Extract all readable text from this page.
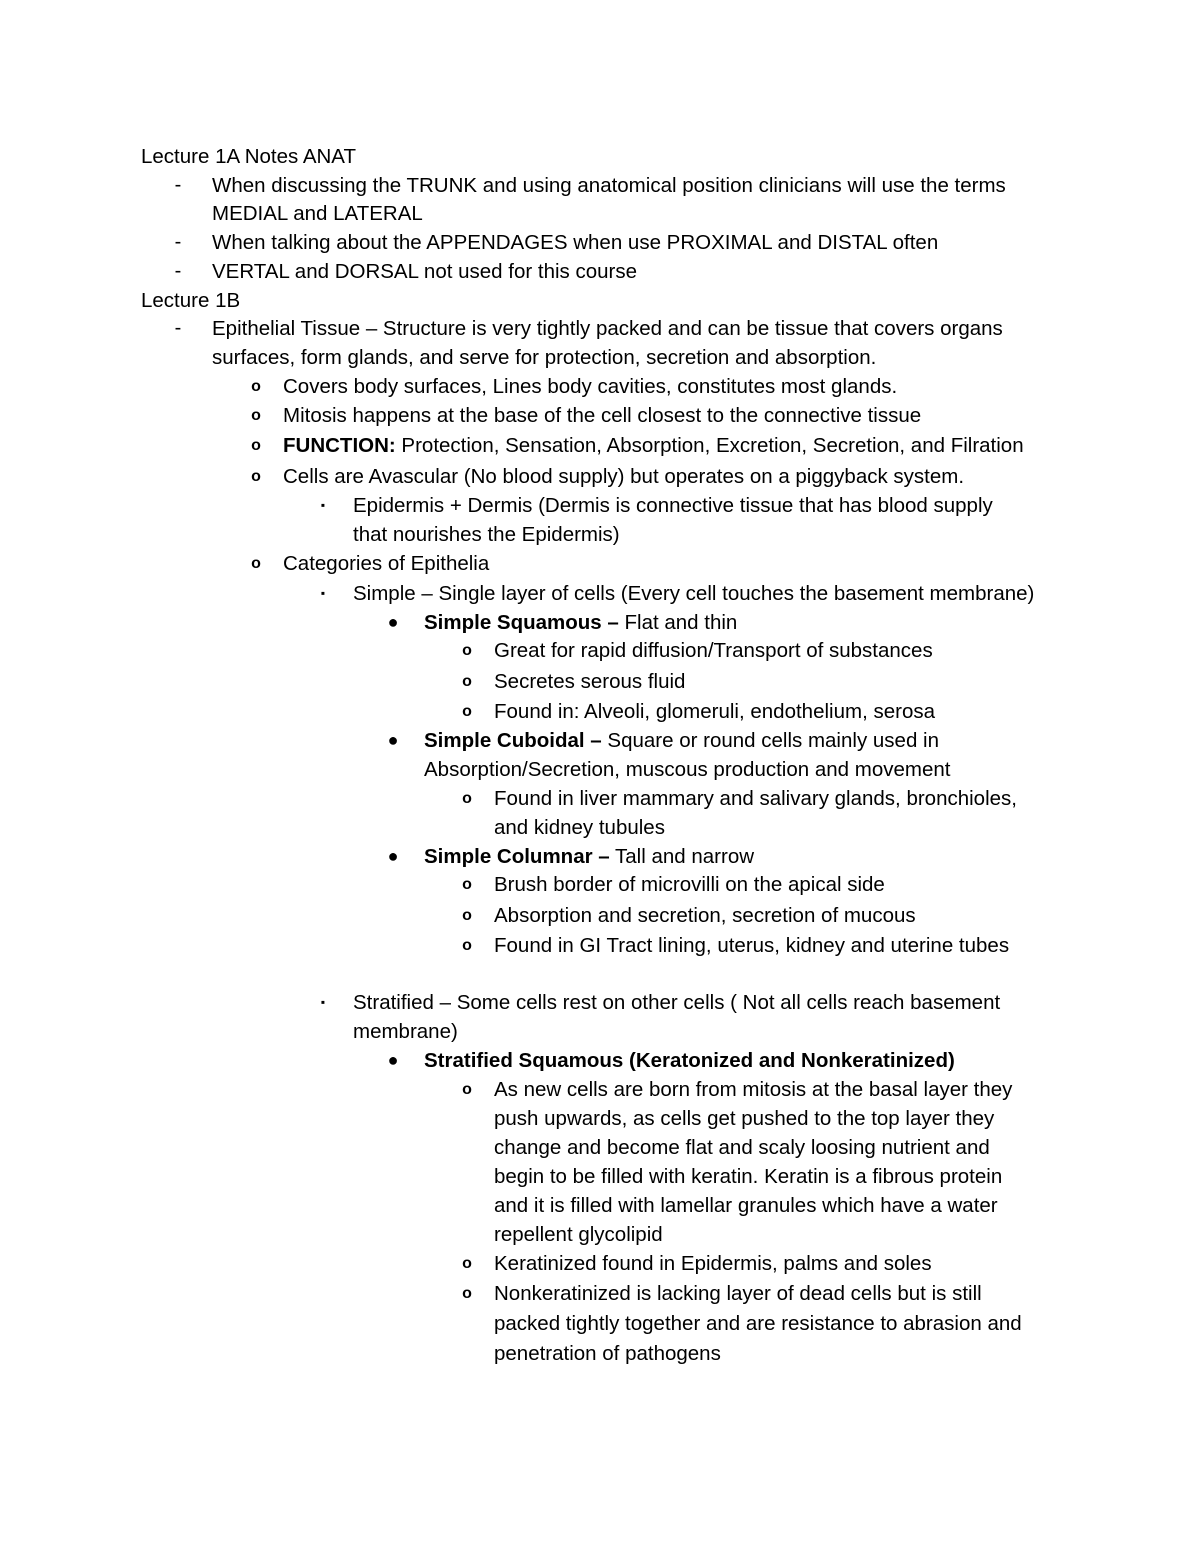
Lecture 1A Notes ANAT
-	When discussing the TRUNK and using anatomical position clinicians will use the terms
MEDIAL and LATERAL
-	When talking about the APPENDAGES when use PROXIMAL and DISTAL often
-	VERTAL and DORSAL not used for this course
Lecture 1B
-	Epithelial Tissue – Structure is very tightly packed and can be tissue that covers organs
surfaces, form glands, and serve for protection, secretion and absorption.
o Covers body surfaces, Lines body cavities, constitutes most glands.
o Mitosis happens at the base of the cell closest to the connective tissue
o FUNCTION: Protection, Sensation, Absorption, Excretion, Secretion, and Filration
o Cells are Avascular (No blood supply) but operates on a piggyback system.
▪	Epidermis + Dermis (Dermis is connective tissue that has blood supply
that nourishes the Epidermis)
o Categories of Epithelia
▪	Simple – Single layer of cells (Every cell touches the basement membrane)
● Simple Squamous – Flat and thin
o Great for rapid diffusion/Transport of substances
o Secretes serous fluid
o Found in: Alveoli, glomeruli, endothelium, serosa
● Simple Cuboidal – Square or round cells mainly used in
Absorption/Secretion, muscous production and movement
o Found in liver mammary and salivary glands, bronchioles,
and kidney tubules
● Simple Columnar – Tall and narrow
o Brush border of microvilli on the apical side
o Absorption and secretion, secretion of mucous
o Found in GI Tract lining, uterus, kidney and uterine tubes
▪	Stratified – Some cells rest on other cells ( Not all cells reach basement
membrane)
● Stratified Squamous (Keratonized and Nonkeratinized)
o As new cells are born from mitosis at the basal layer they
push upwards, as cells get pushed to the top layer they
change and become flat and scaly loosing nutrient and
begin to be filled with keratin. Keratin is a fibrous protein
and it is filled with lamellar granules which have a water
repellent glycolipid
o Keratinized found in Epidermis, palms and soles
o Nonkeratinized is lacking layer of dead cells but is still
packed tightly together and are resistance to abrasion and
penetration of pathogens
